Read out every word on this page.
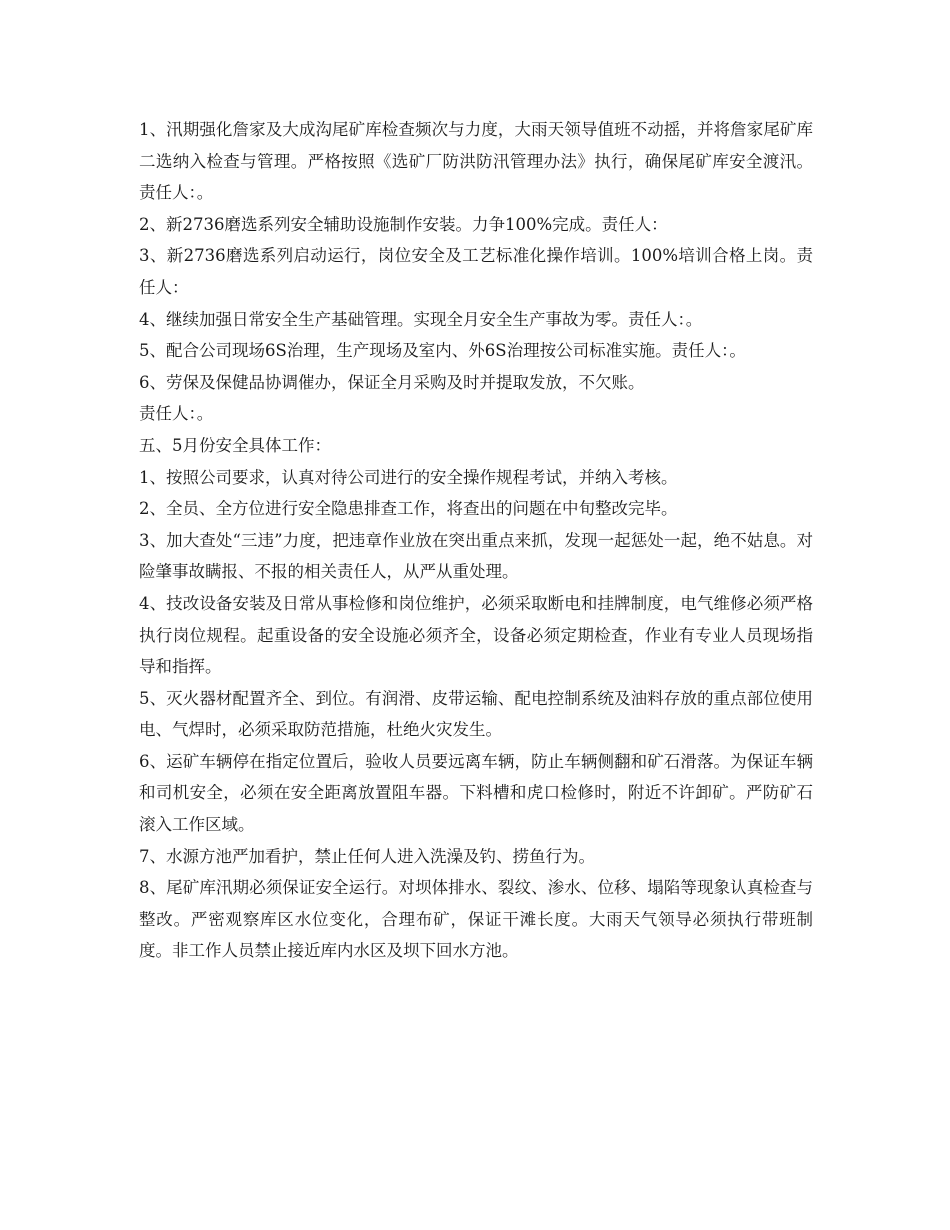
1、汛期强化詹家及大成沟尾矿库检查频次与力度，大雨天领导值班不动摇，并将詹家尾矿库二选纳入检查与管理。严格按照《选矿厂防洪防汛管理办法》执行，确保尾矿库安全渡汛。责任人：。

2、新2736磨选系列安全辅助设施制作安装。力争100%完成。责任人：

3、新2736磨选系列启动运行，岗位安全及工艺标准化操作培训。100%培训合格上岗。责任人：

4、继续加强日常安全生产基础管理。实现全月安全生产事故为零。责任人：。

5、配合公司现场6S治理，生产现场及室内、外6S治理按公司标准实施。责任人：。

6、劳保及保健品协调催办，保证全月采购及时并提取发放，不欠账。

责任人：。

五、5月份安全具体工作：

1、按照公司要求，认真对待公司进行的安全操作规程考试，并纳入考核。

2、全员、全方位进行安全隐患排查工作，将查出的问题在中旬整改完毕。

3、加大查处“三违”力度，把违章作业放在突出重点来抓，发现一起惩处一起，绝不姑息。对险肇事故瞒报、不报的相关责任人，从严从重处理。

4、技改设备安装及日常从事检修和岗位维护，必须采取断电和挂牌制度，电气维修必须严格执行岗位规程。起重设备的安全设施必须齐全，设备必须定期检查，作业有专业人员现场指导和指挥。

5、灭火器材配置齐全、到位。有润滑、皮带运输、配电控制系统及油料存放的重点部位使用电、气焊时，必须采取防范措施，杜绝火灾发生。

6、运矿车辆停在指定位置后，验收人员要远离车辆，防止车辆侧翻和矿石滑落。为保证车辆和司机安全，必须在安全距离放置阻车器。下料槽和虎口检修时，附近不许卸矿。严防矿石滚入工作区域。

7、水源方池严加看护，禁止任何人进入洗澡及钓、捞鱼行为。

8、尾矿库汛期必须保证安全运行。对坝体排水、裂纹、渗水、位移、塌陷等现象认真检查与整改。严密观察库区水位变化，合理布矿，保证干滩长度。大雨天气领导必须执行带班制度。非工作人员禁止接近库内水区及坝下回水方池。
